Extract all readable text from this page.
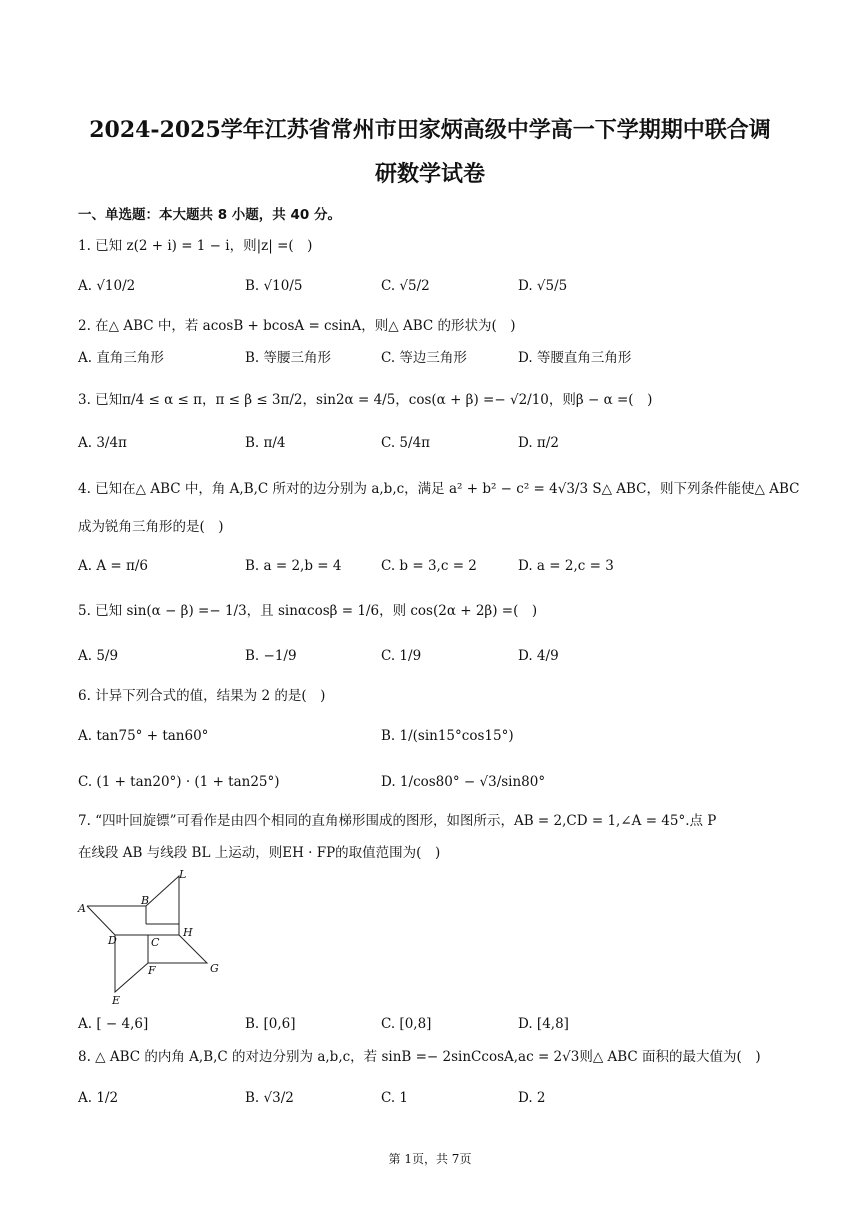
2024-2025学年江苏省常州市田家炳高级中学高一下学期期中联合调
研数学试卷
一、单选题：本大题共 8 小题，共 40 分。
1. 已知 z(2 + i) = 1 − i，则|z| =(　)
A. √10/2	B. √10/5	C. √5/2	D. √5/5
2. 在△ ABC 中，若 acosB + bcosA = csinA，则△ ABC 的形状为(　)
A. 直角三角形	B. 等腰三角形	C. 等边三角形	D. 等腰直角三角形
3. 已知π/4 ≤ α ≤ π，π ≤ β ≤ 3π/2，sin2α = 4/5，cos(α + β) =− √2/10，则β − α =(　)
A. 3/4π	B. π/4	C. 5/4π	D. π/2
4. 已知在△ ABC 中，角 A,B,C 所对的边分别为 a,b,c，满足 a² + b² − c² = 4√3/3 S△ ABC，则下列条件能使△ ABC
成为锐角三角形的是(　)
A. A = π/6	B. a = 2,b = 4	C. b = 3,c = 2	D. a = 2,c = 3
5. 已知 sin(α − β) =− 1/3，且 sinαcosβ = 1/6，则 cos(2α + 2β) =(　)
A. 5/9	B. −1/9	C. 1/9	D. 4/9
6. 计异下列合式的值，结果为 2 的是(　)
A. tan75° + tan60°	B. 1/(sin15°cos15°)
C. (1 + tan20°) · (1 + tan25°)	D. 1/cos80° − √3/sin80°
7. “四叶回旋镖”可看作是由四个相同的直角梯形围成的图形，如图所示，AB = 2,CD = 1,∠A = 45°.点 P
在线段 AB 与线段 BL 上运动，则EH · FP的取值范围为(　)
L
B
A
D	C
H
F	G
E
A. [ − 4,6]	B. [0,6]	C. [0,8]	D. [4,8]
8. △ ABC 的内角 A,B,C 的对边分别为 a,b,c，若 sinB =− 2sinCcosA,ac = 2√3则△ ABC 面积的最大值为(　)
A. 1/2	B. √3/2	C. 1	D. 2
第 1页，共 7页
